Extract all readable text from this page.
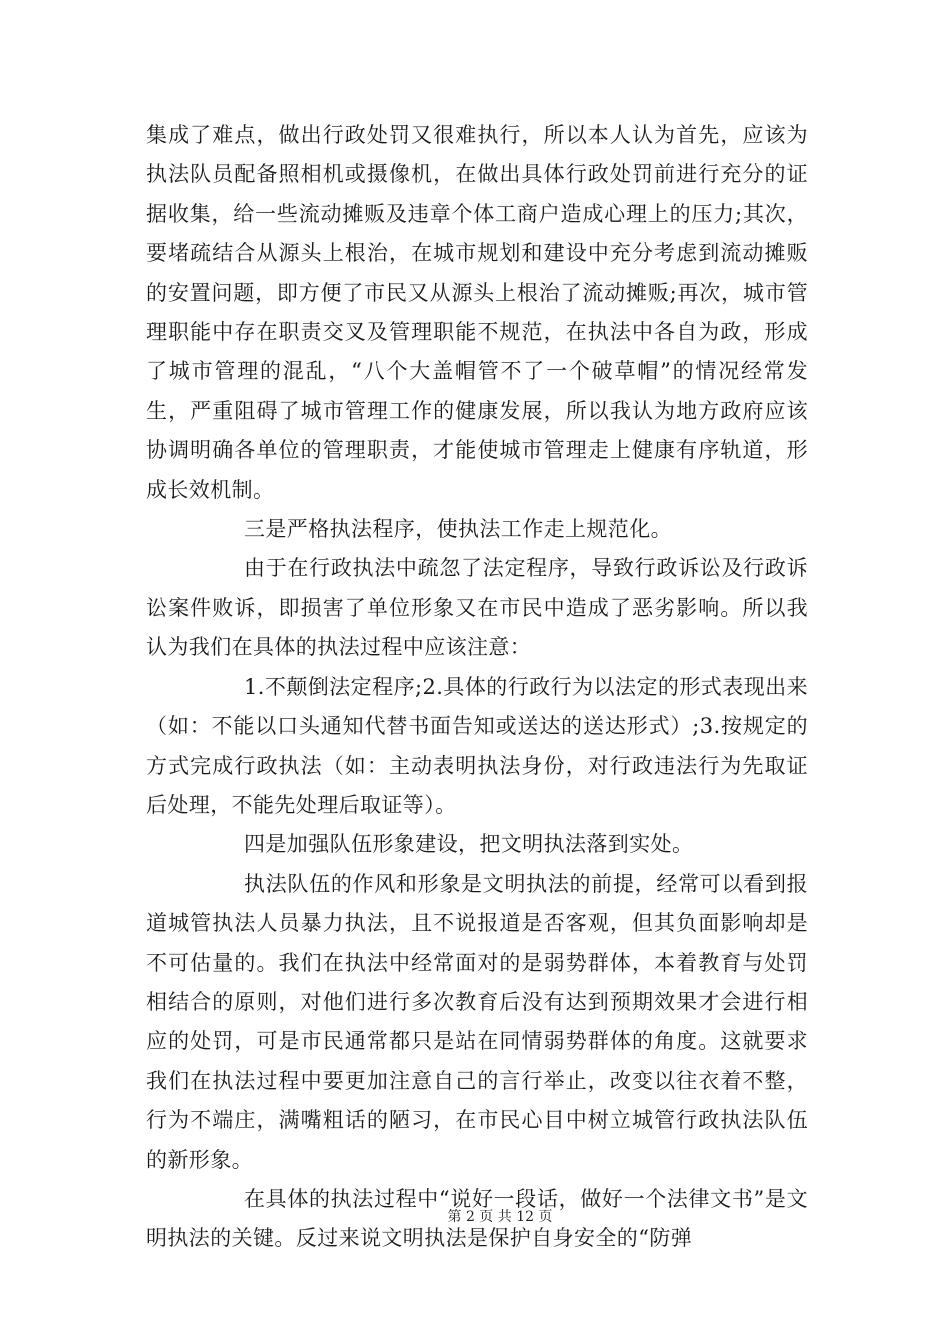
集成了难点，做出行政处罚又很难执行，所以本人认为首先，应该为执法队员配备照相机或摄像机，在做出具体行政处罚前进行充分的证据收集，给一些流动摊贩及违章个体工商户造成心理上的压力;其次，要堵疏结合从源头上根治，在城市规划和建设中充分考虑到流动摊贩的安置问题，即方便了市民又从源头上根治了流动摊贩;再次，城市管理职能中存在职责交叉及管理职能不规范，在执法中各自为政，形成了城市管理的混乱，“八个大盖帽管不了一个破草帽”的情况经常发生，严重阻碍了城市管理工作的健康发展，所以我认为地方政府应该协调明确各单位的管理职责，才能使城市管理走上健康有序轨道，形成长效机制。

三是严格执法程序，使执法工作走上规范化。

由于在行政执法中疏忽了法定程序，导致行政诉讼及行政诉讼案件败诉，即损害了单位形象又在市民中造成了恶劣影响。所以我认为我们在具体的执法过程中应该注意：

1.不颠倒法定程序;2.具体的行政行为以法定的形式表现出来（如：不能以口头通知代替书面告知或送达的送达形式）;3.按规定的方式完成行政执法（如：主动表明执法身份，对行政违法行为先取证后处理，不能先处理后取证等）。

四是加强队伍形象建设，把文明执法落到实处。

执法队伍的作风和形象是文明执法的前提，经常可以看到报道城管执法人员暴力执法，且不说报道是否客观，但其负面影响却是不可估量的。我们在执法中经常面对的是弱势群体，本着教育与处罚相结合的原则，对他们进行多次教育后没有达到预期效果才会进行相应的处罚，可是市民通常都只是站在同情弱势群体的角度。这就要求我们在执法过程中要更加注意自己的言行举止，改变以往衣着不整，行为不端庄，满嘴粗话的陋习，在市民心目中树立城管行政执法队伍的新形象。

在具体的执法过程中“说好一段话，做好一个法律文书”是文明执法的关键。反过来说文明执法是保护自身安全的“防弹

第 2 页 共 12 页
